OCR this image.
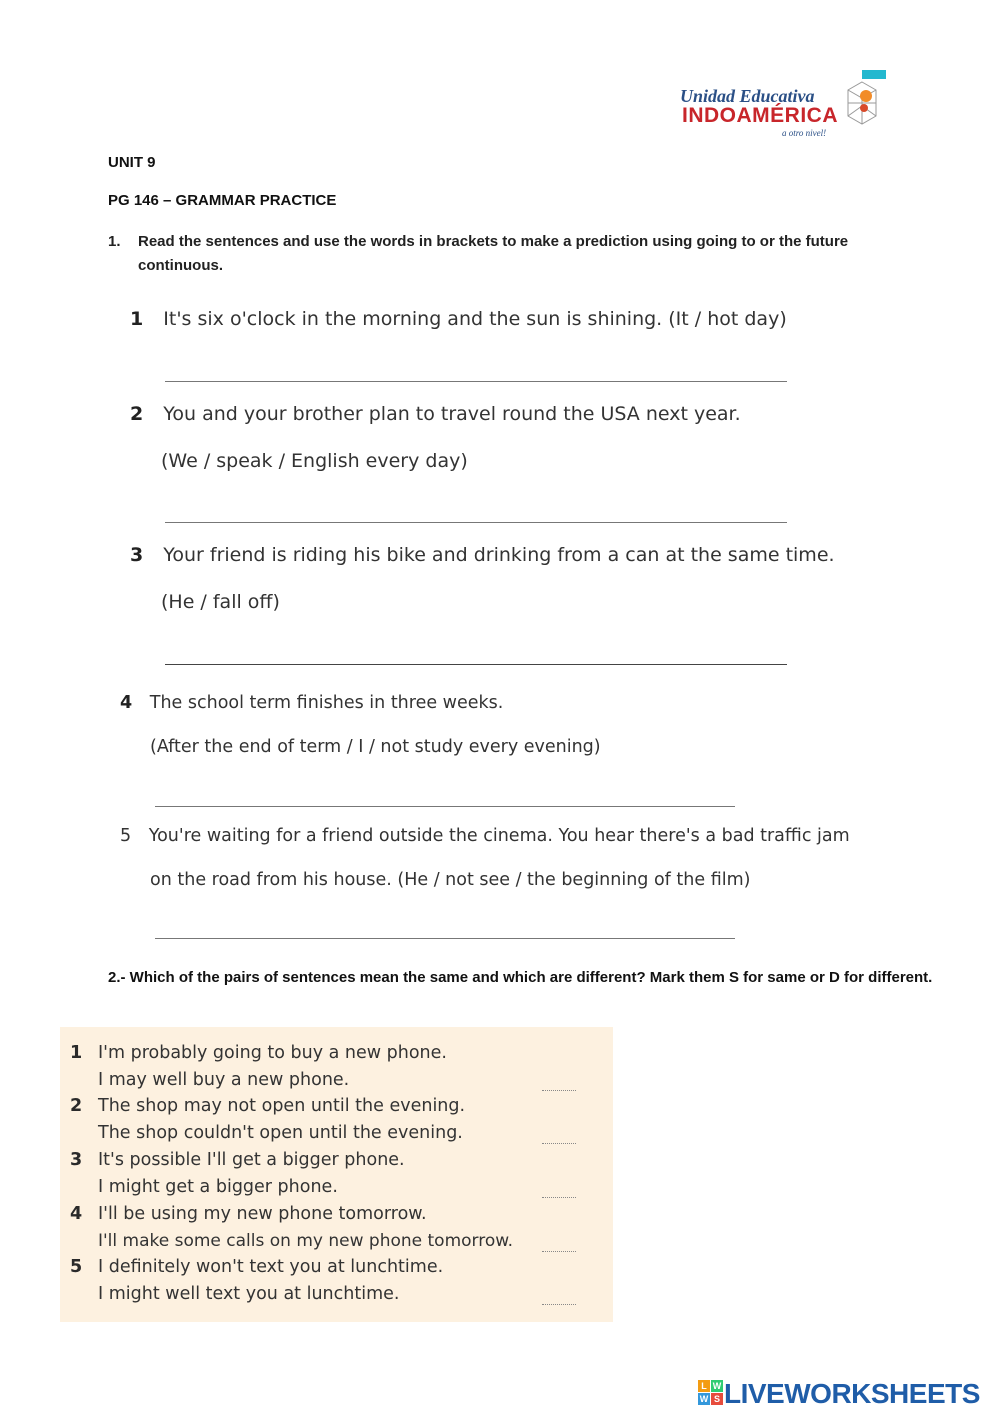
Unidad Educativa
INDOAMÉRICA
a otro nivel!
UNIT 9
PG 146 – GRAMMAR PRACTICE
1. Read the sentences and use the words in brackets to make a prediction using going to or the future continuous.
1 It's six o'clock in the morning and the sun is shining. (It / hot day)
2 You and your brother plan to travel round the USA next year.
(We / speak / English every day)
3 Your friend is riding his bike and drinking from a can at the same time.
(He / fall off)
4 The school term finishes in three weeks.
(After the end of term / I / not study every evening)
5 You're waiting for a friend outside the cinema. You hear there's a bad traffic jam
on the road from his house. (He / not see / the beginning of the film)
2.- Which of the pairs of sentences mean the same and which are different? Mark them S for same or D for different.
1 I'm probably going to buy a new phone.
I may well buy a new phone.
2 The shop may not open until the evening.
The shop couldn't open until the evening.
3 It's possible I'll get a bigger phone.
I might get a bigger phone.
4 I'll be using my new phone tomorrow.
I'll make some calls on my new phone tomorrow.
5 I definitely won't text you at lunchtime.
I might well text you at lunchtime.
L W
W S LIVEWORKSHEETS
